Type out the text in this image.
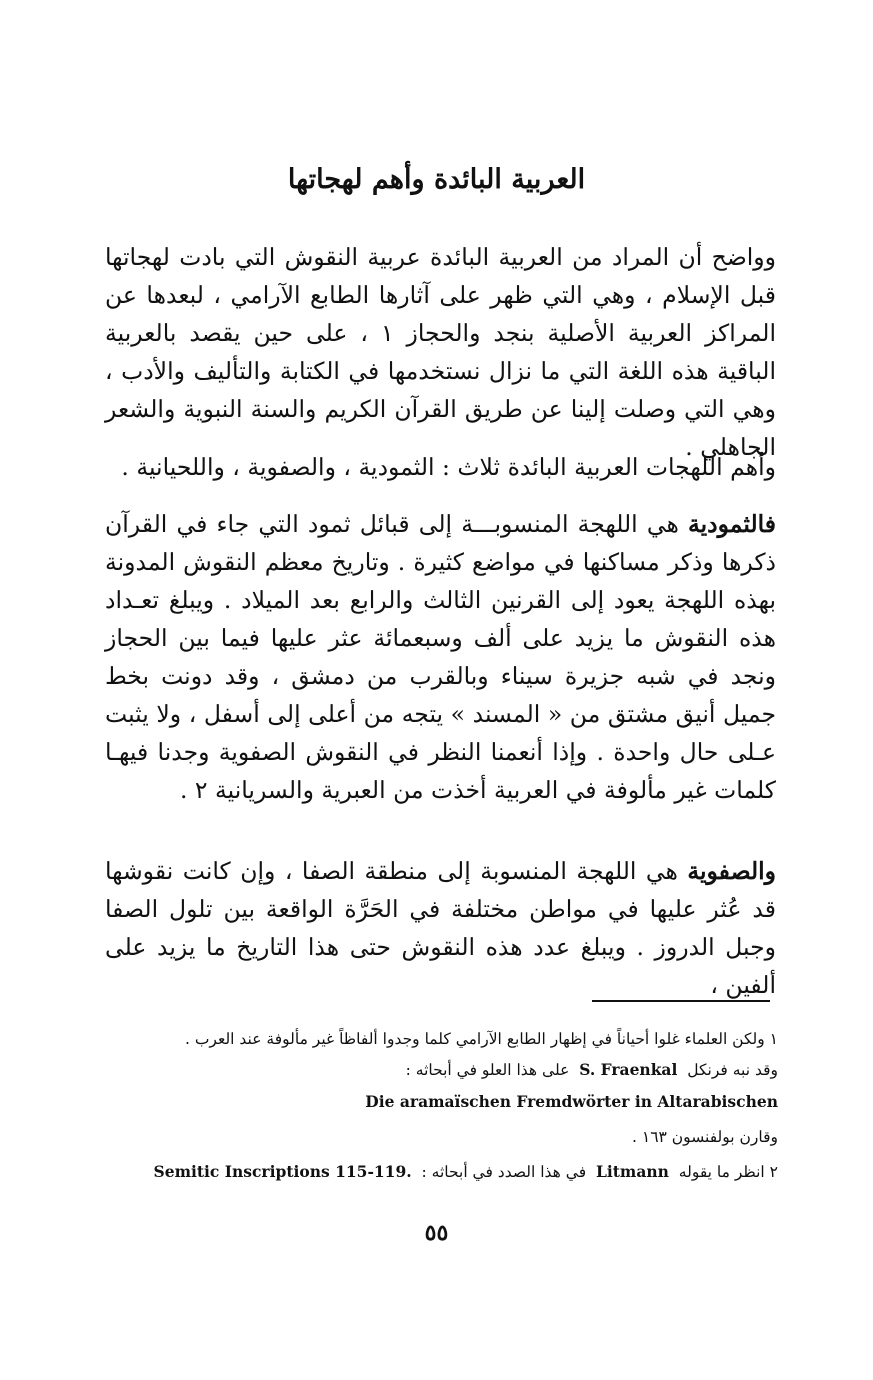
العربية البائدة وأهم لهجاتها

وواضح أن المراد من العربية البائدة عربية النقوش التي بادت لهجاتها قبل الإسلام ، وهي التي ظهر على آثارها الطابع الآرامي ، لبعدها عن المراكز العربية الأصلية بنجد والحجاز ١ ، على حين يقصد بالعربية الباقية هذه اللغة التي ما نزال نستخدمها في الكتابة والتأليف والأدب ، وهي التي وصلت إلينا عن طريق القرآن الكريم والسنة النبوية والشعر الجاهلي .

وأهم اللهجات العربية البائدة ثلاث : الثمودية ، والصفوية ، واللحيانية .

فالثمودية هي اللهجة المنسوبـــة إلى قبائل ثمود التي جاء في القرآن ذكرها وذكر مساكنها في مواضع كثيرة . وتاريخ معظم النقوش المدونة بهذه اللهجة يعود إلى القرنين الثالث والرابع بعد الميلاد . ويبلغ تعـداد هذه النقوش ما يزيد على ألف وسبعمائة عثر عليها فيما بين الحجاز ونجد في شبه جزيرة سيناء وبالقرب من دمشق ، وقد دونت بخط جميل أنيق مشتق من « المسند » يتجه من أعلى إلى أسفل ، ولا يثبت عـلى حال واحدة . وإذا أنعمنا النظر في النقوش الصفوية وجدنا فيهـا كلمات غير مألوفة في العربية أخذت من العبرية والسريانية ٢ .

والصفوية هي اللهجة المنسوبة إلى منطقة الصفا ، وإن كانت نقوشها قد عُثر عليها في مواطن مختلفة في الحَرَّة الواقعة بين تلول الصفا وجبل الدروز . ويبلغ عدد هذه النقوش حتى هذا التاريخ ما يزيد على ألفين ،

١ ولكن العلماء غلوا أحياناً في إظهار الطابع الآرامي كلما وجدوا ألفاظاً غير مألوفة عند العرب .

وقد نبه فرنكل  S. Fraenkal  على هذا العلو في أبحاثه :

Die aramaïschen Fremdwörter in Altarabischen

وقارن بولفنسون ١٦٣ .

٢ انظر ما يقوله  Litmann  في هذا الصدد في أبحاثه :  Semitic Inscriptions 115-119.

٥٥
